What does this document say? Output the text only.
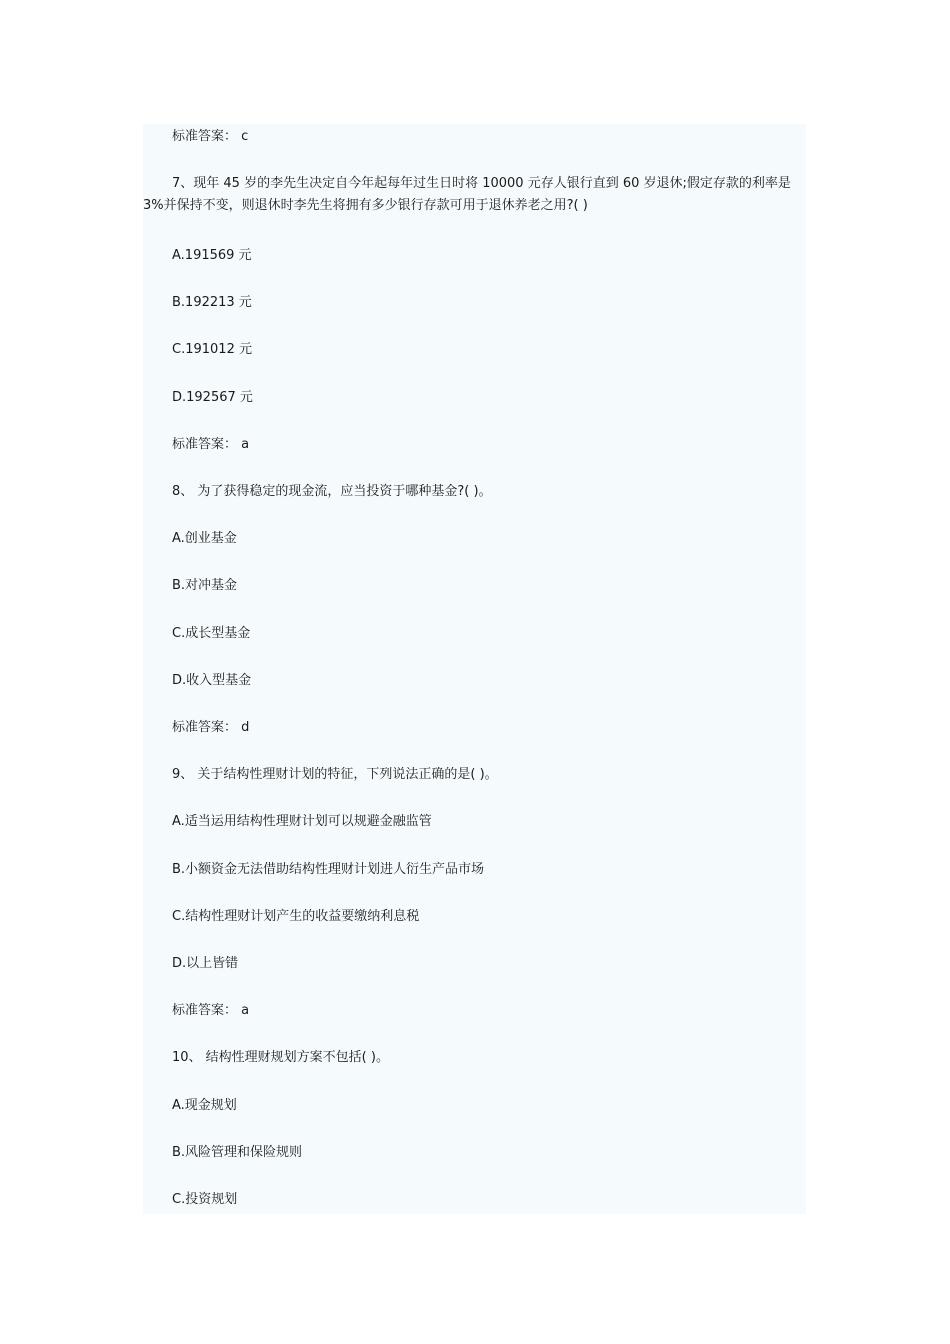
标准答案： c

7、现年 45 岁的李先生决定自今年起每年过生日时将 10000 元存人银行直到 60 岁退休;假定存款的利率是 3%并保持不变，则退休时李先生将拥有多少银行存款可用于退休养老之用?( )

A.191569 元

B.192213 元

C.191012 元

D.192567 元

标准答案： a

8、 为了获得稳定的现金流，应当投资于哪种基金?( )。

A.创业基金

B.对冲基金

C.成长型基金

D.收入型基金

标准答案： d

9、 关于结构性理财计划的特征，下列说法正确的是( )。

A.适当运用结构性理财计划可以规避金融监管

B.小额资金无法借助结构性理财计划进人衍生产品市场

C.结构性理财计划产生的收益要缴纳利息税

D.以上皆错

标准答案： a

10、 结构性理财规划方案不包括( )。

A.现金规划

B.风险管理和保险规则

C.投资规划
